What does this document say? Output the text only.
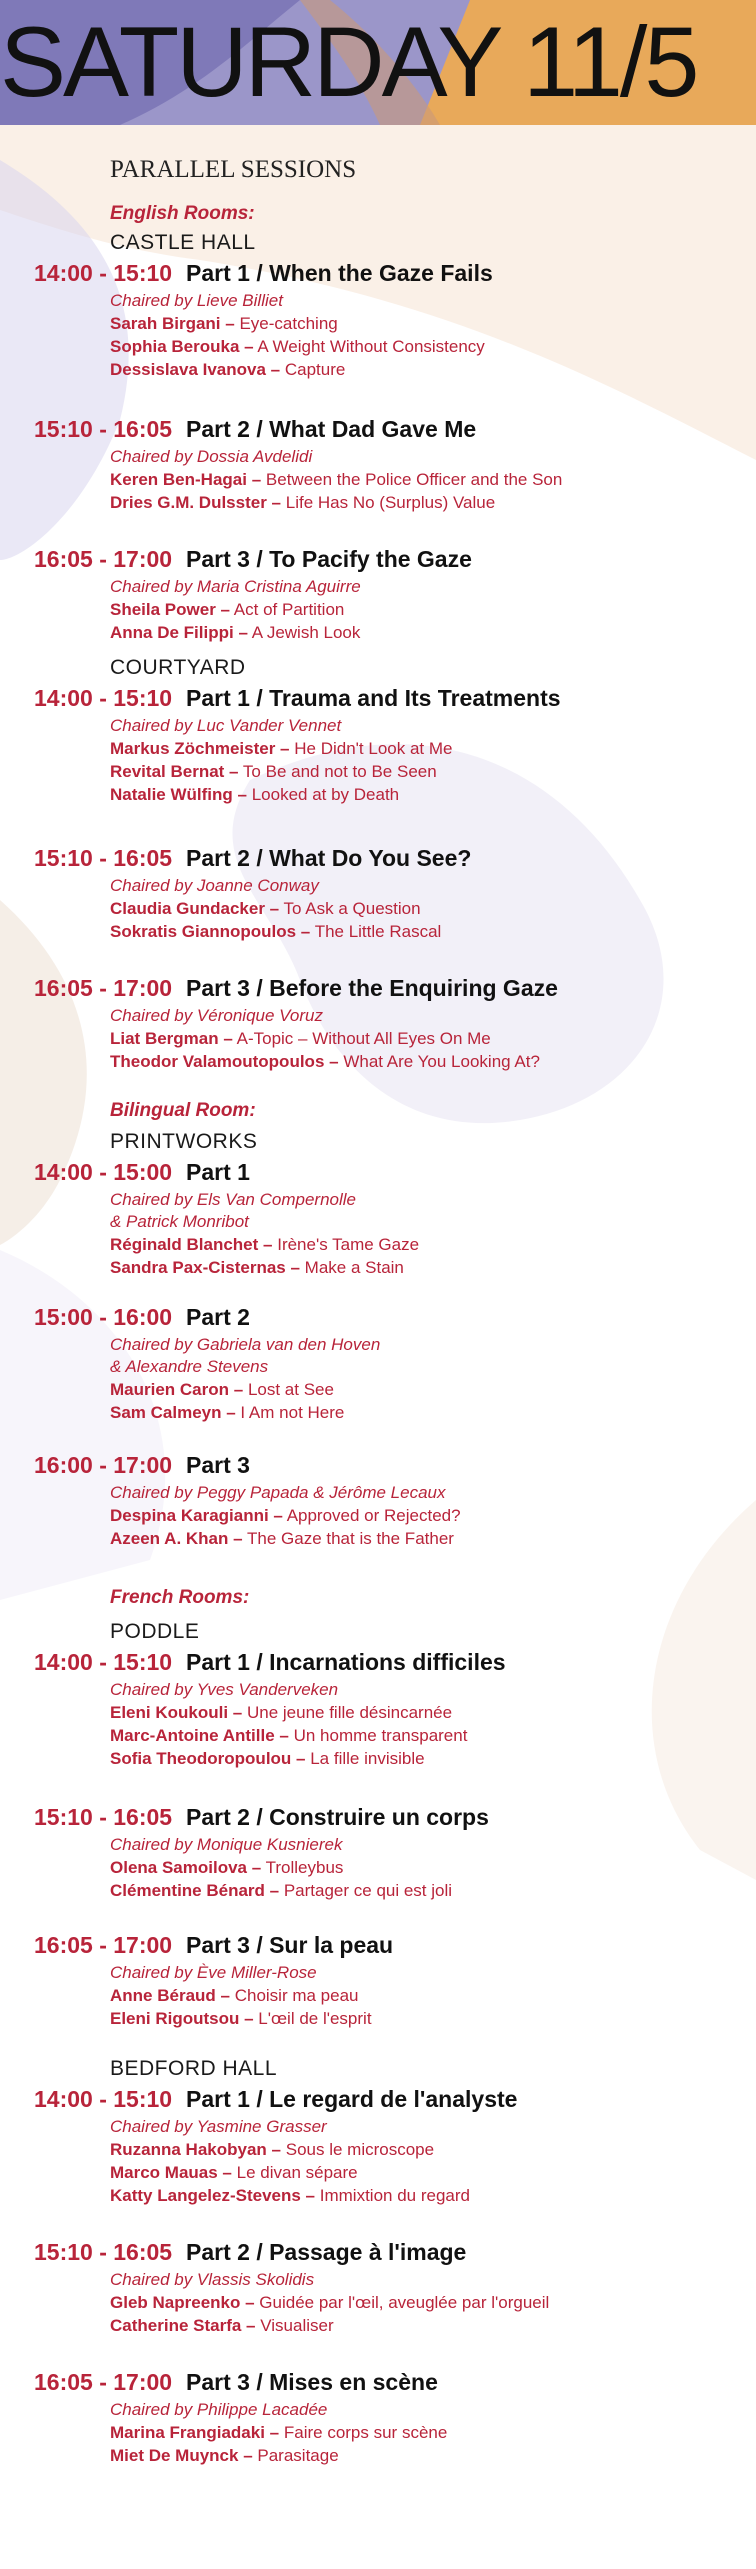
SATURDAY 11/5
PARALLEL SESSIONS
English Rooms:
CASTLE HALL
14:00 - 15:10 Part 1 / When the Gaze Fails
Chaired by Lieve Billiet
Sarah Birgani – Eye-catching
Sophia Berouka – A Weight Without Consistency
Dessislava Ivanova – Capture
15:10 - 16:05 Part 2 / What Dad Gave Me
Chaired by Dossia Avdelidi
Keren Ben-Hagai – Between the Police Officer and the Son
Dries G.M. Dulsster – Life Has No (Surplus) Value
16:05 - 17:00 Part 3 / To Pacify the Gaze
Chaired by Maria Cristina Aguirre
Sheila Power – Act of Partition
Anna De Filippi – A Jewish Look
COURTYARD
14:00 - 15:10 Part 1 / Trauma and Its Treatments
Chaired by Luc Vander Vennet
Markus Zöchmeister – He Didn't Look at Me
Revital Bernat – To Be and not to Be Seen
Natalie Wülfing – Looked at by Death
15:10 - 16:05 Part 2 / What Do You See?
Chaired by Joanne Conway
Claudia Gundacker – To Ask a Question
Sokratis Giannopoulos – The Little Rascal
16:05 - 17:00 Part 3 / Before the Enquiring Gaze
Chaired by Véronique Voruz
Liat Bergman – A-Topic – Without All Eyes On Me
Theodor Valamoutopoulos – What Are You Looking At?
Bilingual Room:
PRINTWORKS
14:00 - 15:00 Part 1
Chaired by Els Van Compernolle
& Patrick Monribot
Réginald Blanchet – Irène's Tame Gaze
Sandra Pax-Cisternas – Make a Stain
15:00 - 16:00 Part 2
Chaired by Gabriela van den Hoven
& Alexandre Stevens
Maurien Caron – Lost at See
Sam Calmeyn – I Am not Here
16:00 - 17:00 Part 3
Chaired by Peggy Papada & Jérôme Lecaux
Despina Karagianni – Approved or Rejected?
Azeen A. Khan – The Gaze that is the Father
French Rooms:
PODDLE
14:00 - 15:10 Part 1 / Incarnations difficiles
Chaired by Yves Vanderveken
Eleni Koukouli – Une jeune fille désincarnée
Marc-Antoine Antille – Un homme transparent
Sofia Theodoropoulou – La fille invisible
15:10 - 16:05 Part 2 / Construire un corps
Chaired by Monique Kusnierek
Olena Samoilova – Trolleybus
Clémentine Bénard – Partager ce qui est joli
16:05 - 17:00 Part 3 / Sur la peau
Chaired by Ève Miller-Rose
Anne Béraud – Choisir ma peau
Eleni Rigoutsou – L'œil de l'esprit
BEDFORD HALL
14:00 - 15:10 Part 1 / Le regard de l'analyste
Chaired by Yasmine Grasser
Ruzanna Hakobyan – Sous le microscope
Marco Mauas – Le divan sépare
Katty Langelez-Stevens – Immixtion du regard
15:10 - 16:05 Part 2 / Passage à l'image
Chaired by Vlassis Skolidis
Gleb Napreenko – Guidée par l'œil, aveuglée par l'orgueil
Catherine Starfa – Visualiser
16:05 - 17:00 Part 3 / Mises en scène
Chaired by Philippe Lacadée
Marina Frangiadaki – Faire corps sur scène
Miet De Muynck – Parasitage
